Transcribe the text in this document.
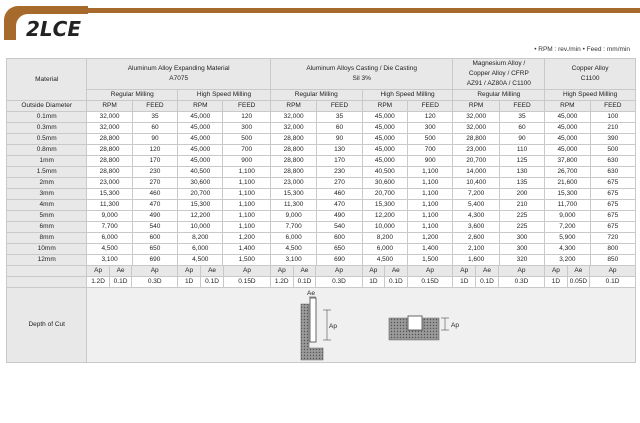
2LCE
• RPM : rev./min • Feed : mm/min
Material	Aluminum Alloy Expanding Material
A7075				Aluminum Alloys Casting / Die Casting
Sil 3%				Magnesium Alloy /
Copper Alloy / CFRP
AZ91 / AZ80A / C1100		Copper Alloy
C1100	
	Regular Milling		High Speed Milling		Regular Milling		High Speed Milling		Regular Milling		High Speed Milling	
Outside Diameter	RPM	FEED	RPM	FEED	RPM	FEED	RPM	FEED	RPM	FEED	RPM	FEED
0.1mm	32,000	35	45,000	120	32,000	35	45,000	120	32,000	35	45,000	100
0.3mm	32,000	60	45,000	300	32,000	60	45,000	300	32,000	60	45,000	210
0.5mm	28,800	90	45,000	500	28,800	90	45,000	500	28,800	90	45,000	390
0.8mm	28,800	120	45,000	700	28,800	130	45,000	700	23,000	110	45,000	500
1mm	28,800	170	45,000	900	28,800	170	45,000	900	20,700	125	37,800	630
1.5mm	28,800	230	40,500	1,100	28,800	230	40,500	1,100	14,000	130	26,700	630
2mm	23,000	270	30,600	1,100	23,000	270	30,600	1,100	10,400	135	21,600	675
3mm	15,300	460	20,700	1,100	15,300	460	20,700	1,100	7,200	200	15,300	675
4mm	11,300	470	15,300	1,100	11,300	470	15,300	1,100	5,400	210	11,700	675
5mm	9,000	490	12,200	1,100	9,000	490	12,200	1,100	4,300	225	9,000	675
6mm	7,700	540	10,000	1,100	7,700	540	10,000	1,100	3,600	225	7,200	675
8mm	6,000	600	8,200	1,200	6,000	600	8,200	1,200	2,600	300	5,900	720
10mm	4,500	650	6,000	1,400	4,500	650	6,000	1,400	2,100	300	4,300	800
12mm	3,100	690	4,500	1,500	3,100	690	4,500	1,500	1,600	320	3,200	850

	Ap Ae Ap		Ap Ae Ap		Ap Ae Ap		Ap Ae Ap		Ap Ae Ap		Ap Ae Ap	

	1.2D 0.1D 0.3D		1D 0.1D 0.15D		1.2D 0.1D 0.3D		1D 0.1D 0.15D		1D 0.1D 0.3D		1D 0.05D 0.1D	

Depth of Cut	Ae
Ap Ap											
